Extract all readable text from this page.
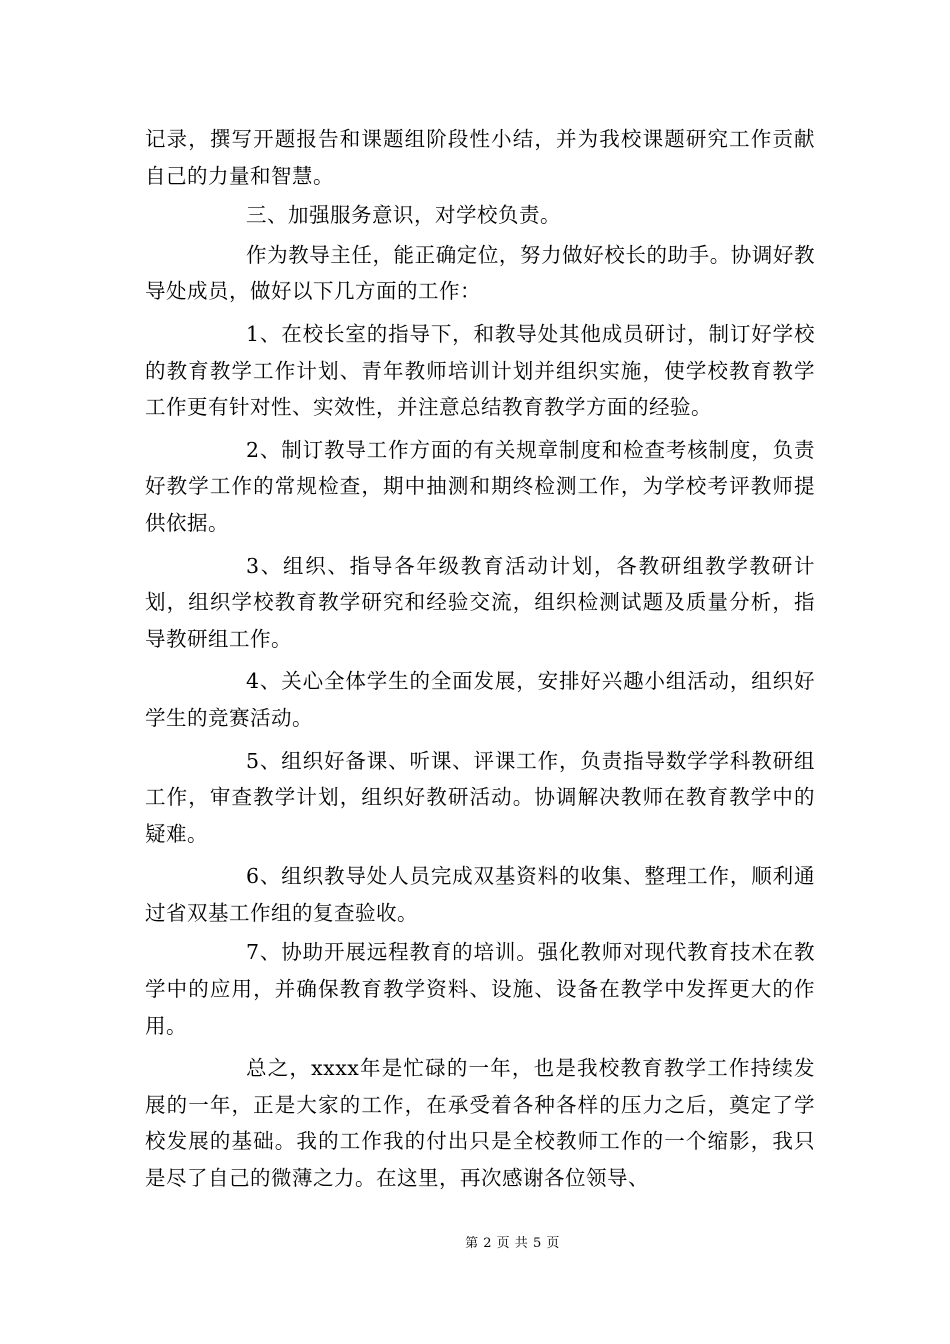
记录，撰写开题报告和课题组阶段性小结，并为我校课题研究工作贡献自己的力量和智慧。

三、加强服务意识，对学校负责。

作为教导主任，能正确定位，努力做好校长的助手。协调好教导处成员，做好以下几方面的工作：

1、在校长室的指导下，和教导处其他成员研讨，制订好学校的教育教学工作计划、青年教师培训计划并组织实施，使学校教育教学工作更有针对性、实效性，并注意总结教育教学方面的经验。

2、制订教导工作方面的有关规章制度和检查考核制度，负责好教学工作的常规检查，期中抽测和期终检测工作，为学校考评教师提供依据。

3、组织、指导各年级教育活动计划，各教研组教学教研计划，组织学校教育教学研究和经验交流，组织检测试题及质量分析，指导教研组工作。

4、关心全体学生的全面发展，安排好兴趣小组活动，组织好学生的竞赛活动。

5、组织好备课、听课、评课工作，负责指导数学学科教研组工作，审查教学计划，组织好教研活动。协调解决教师在教育教学中的疑难。

6、组织教导处人员完成双基资料的收集、整理工作，顺利通过省双基工作组的复查验收。

7、协助开展远程教育的培训。强化教师对现代教育技术在教学中的应用，并确保教育教学资料、设施、设备在教学中发挥更大的作用。

总之，xxxx年是忙碌的一年，也是我校教育教学工作持续发展的一年，正是大家的工作，在承受着各种各样的压力之后，奠定了学校发展的基础。我的工作我的付出只是全校教师工作的一个缩影，我只是尽了自己的微薄之力。在这里，再次感谢各位领导、

第 2 页 共 5 页
